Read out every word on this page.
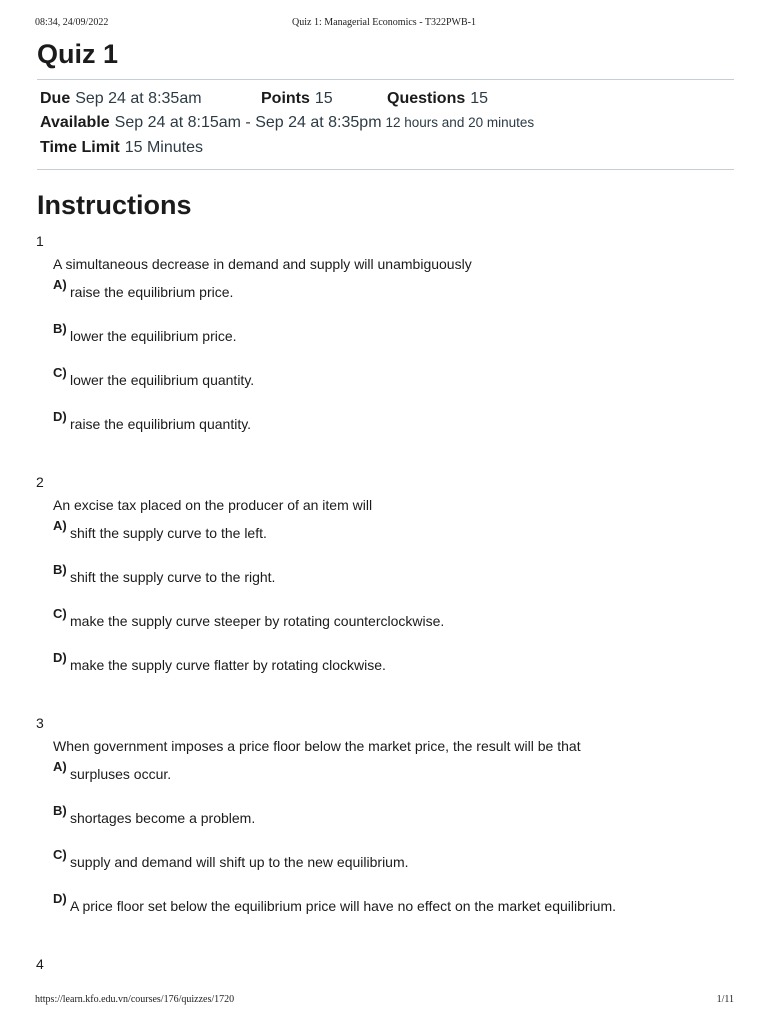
08:34, 24/09/2022	Quiz 1: Managerial Economics - T322PWB-1
Quiz 1
Due Sep 24 at 8:35am	Points 15	Questions 15
Available Sep 24 at 8:15am - Sep 24 at 8:35pm 12 hours and 20 minutes
Time Limit 15 Minutes
Instructions
1
A simultaneous decrease in demand and supply will unambiguously
A) raise the equilibrium price.
B) lower the equilibrium price.
C) lower the equilibrium quantity.
D) raise the equilibrium quantity.
2
An excise tax placed on the producer of an item will
A) shift the supply curve to the left.
B) shift the supply curve to the right.
C) make the supply curve steeper by rotating counterclockwise.
D) make the supply curve flatter by rotating clockwise.
3
When government imposes a price floor below the market price, the result will be that
A) surpluses occur.
B) shortages become a problem.
C) supply and demand will shift up to the new equilibrium.
D) A price floor set below the equilibrium price will have no effect on the market equilibrium.
4
https://learn.kfo.edu.vn/courses/176/quizzes/1720	1/11
